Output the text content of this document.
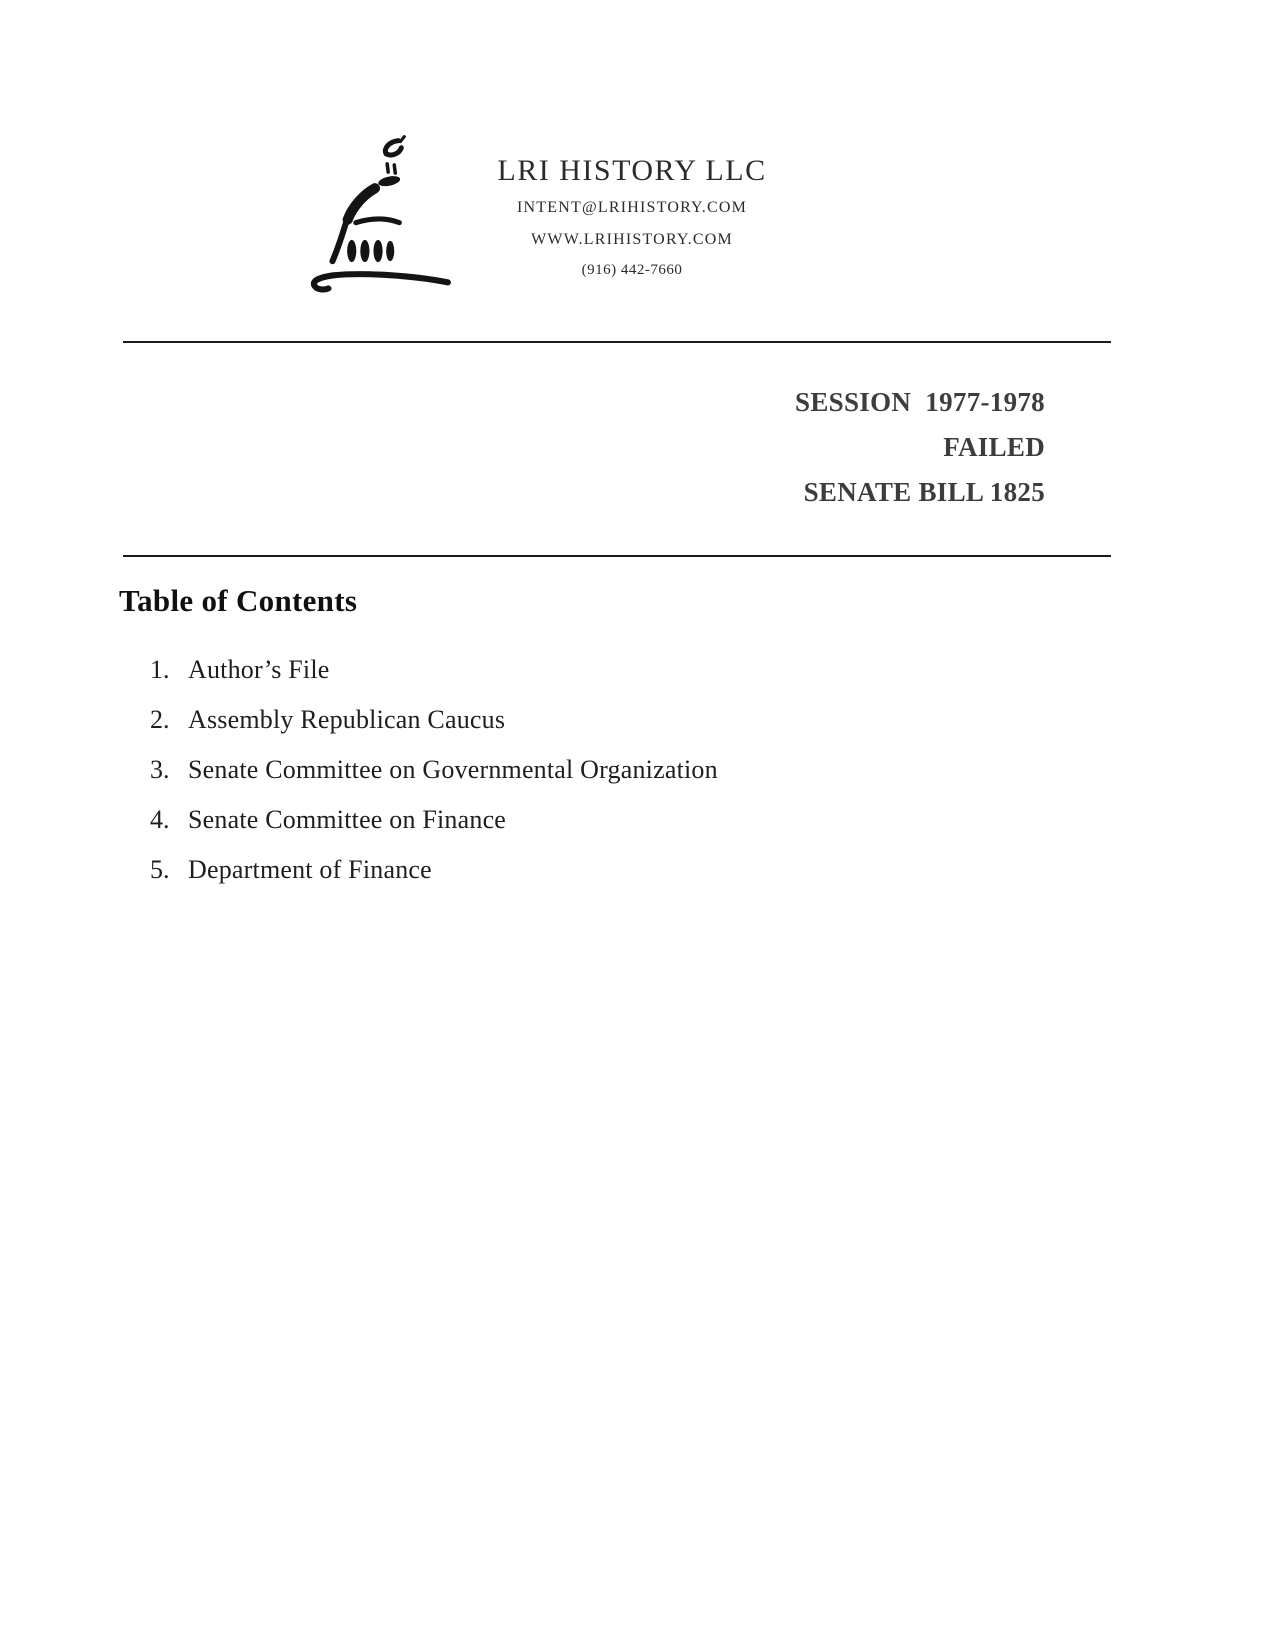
LRI HISTORY LLC
INTENT@LRIHISTORY.COM
WWW.LRIHISTORY.COM
(916) 442-7660
SESSION  1977-1978
FAILED
SENATE BILL 1825
Table of Contents
1. Author’s File
2. Assembly Republican Caucus
3. Senate Committee on Governmental Organization
4. Senate Committee on Finance
5. Department of Finance
